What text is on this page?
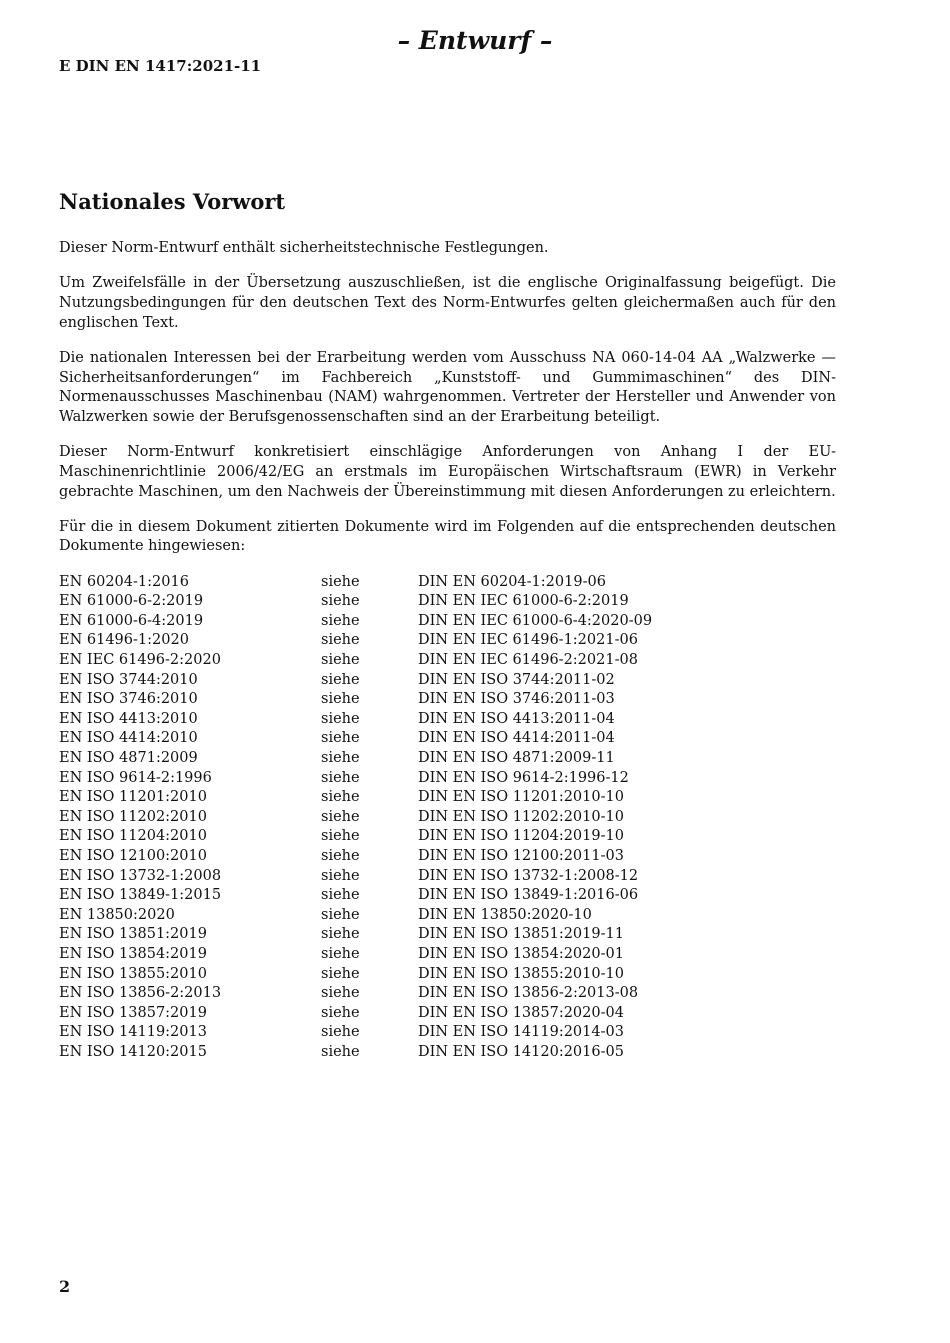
– Entwurf –
E DIN EN 1417:2021-11
Nationales Vorwort

Dieser Norm-Entwurf enthält sicherheitstechnische Festlegungen.

Um Zweifelsfälle in der Übersetzung auszuschließen, ist die englische Originalfassung beigefügt. Die Nutzungsbedingungen für den deutschen Text des Norm-Entwurfes gelten gleichermaßen auch für den englischen Text.

Die nationalen Interessen bei der Erarbeitung werden vom Ausschuss NA 060-14-04 AA „Walzwerke — Sicherheitsanforderungen“ im Fachbereich „Kunststoff- und Gummimaschinen“ des DIN-Normenausschusses Maschinenbau (NAM) wahrgenommen. Vertreter der Hersteller und Anwender von Walzwerken sowie der Berufsgenossenschaften sind an der Erarbeitung beteiligt.

Dieser Norm-Entwurf konkretisiert einschlägige Anforderungen von Anhang I der EU-Maschinenrichtlinie 2006/42/EG an erstmals im Europäischen Wirtschaftsraum (EWR) in Verkehr gebrachte Maschinen, um den Nachweis der Übereinstimmung mit diesen Anforderungen zu erleichtern.

Für die in diesem Dokument zitierten Dokumente wird im Folgenden auf die entsprechenden deutschen Dokumente hingewiesen:

EN 60204-1:2016	siehe	DIN EN 60204-1:2019-06
EN 61000-6-2:2019	siehe	DIN EN IEC 61000-6-2:2019
EN 61000-6-4:2019	siehe	DIN EN IEC 61000-6-4:2020-09
EN 61496-1:2020	siehe	DIN EN IEC 61496-1:2021-06
EN IEC 61496-2:2020	siehe	DIN EN IEC 61496-2:2021-08
EN ISO 3744:2010	siehe	DIN EN ISO 3744:2011-02
EN ISO 3746:2010	siehe	DIN EN ISO 3746:2011-03
EN ISO 4413:2010	siehe	DIN EN ISO 4413:2011-04
EN ISO 4414:2010	siehe	DIN EN ISO 4414:2011-04
EN ISO 4871:2009	siehe	DIN EN ISO 4871:2009-11
EN ISO 9614-2:1996	siehe	DIN EN ISO 9614-2:1996-12
EN ISO 11201:2010	siehe	DIN EN ISO 11201:2010-10
EN ISO 11202:2010	siehe	DIN EN ISO 11202:2010-10
EN ISO 11204:2010	siehe	DIN EN ISO 11204:2019-10
EN ISO 12100:2010	siehe	DIN EN ISO 12100:2011-03
EN ISO 13732-1:2008	siehe	DIN EN ISO 13732-1:2008-12
EN ISO 13849-1:2015	siehe	DIN EN ISO 13849-1:2016-06
EN 13850:2020	siehe	DIN EN 13850:2020-10
EN ISO 13851:2019	siehe	DIN EN ISO 13851:2019-11
EN ISO 13854:2019	siehe	DIN EN ISO 13854:2020-01
EN ISO 13855:2010	siehe	DIN EN ISO 13855:2010-10
EN ISO 13856-2:2013	siehe	DIN EN ISO 13856-2:2013-08
EN ISO 13857:2019	siehe	DIN EN ISO 13857:2020-04
EN ISO 14119:2013	siehe	DIN EN ISO 14119:2014-03
EN ISO 14120:2015	siehe	DIN EN ISO 14120:2016-05
2
